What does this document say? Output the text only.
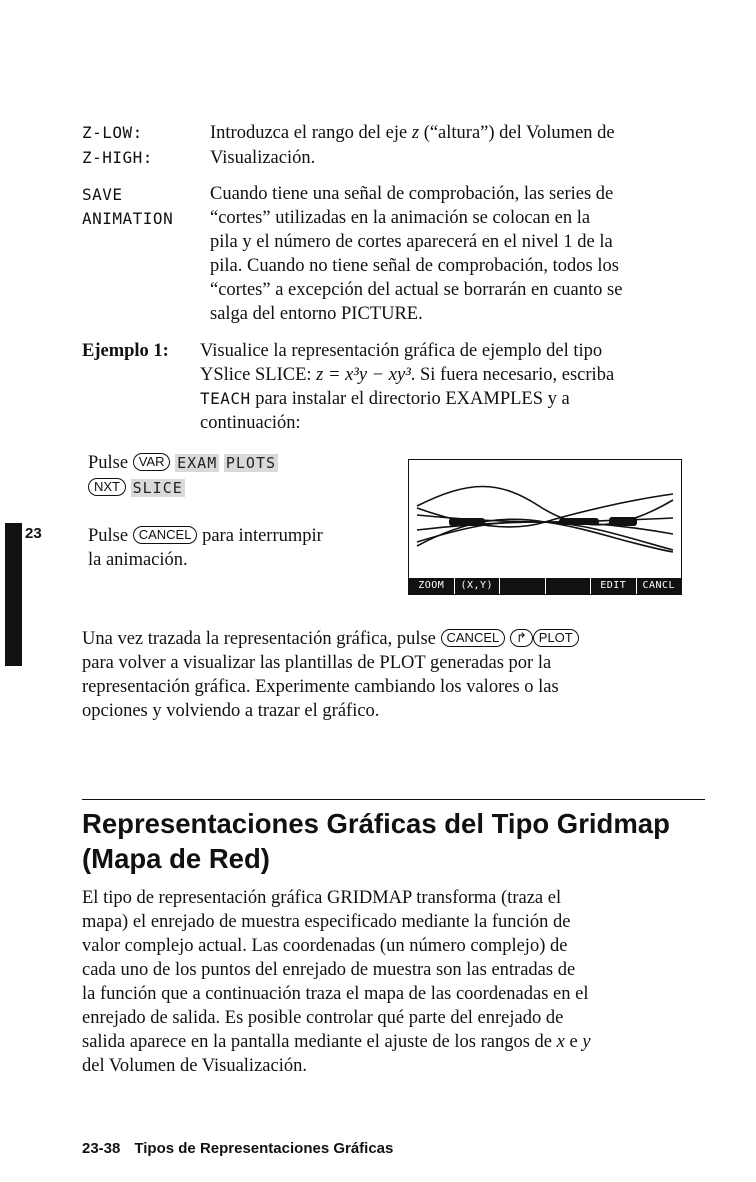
Z-LOW:
Z-HIGH:
Introduzca el rango del eje z (“altura”) del Volumen de
Visualización.
SAVE
ANIMATION
Cuando tiene una señal de comprobación, las series de
“cortes” utilizadas en la animación se colocan en la
pila y el número de cortes aparecerá en el nivel 1 de la
pila. Cuando no tiene señal de comprobación, todos los
“cortes” a excepción del actual se borrarán en cuanto se
salga del entorno PICTURE.
Ejemplo 1: Visualice la representación gráfica de ejemplo del tipo
YSlice SLICE: z = x³y − xy³. Si fuera necesario, escriba
TEACH para instalar el directorio EXAMPLES y a
continuación:
Pulse VAR EXAM PLOTS
NXT SLICE
Pulse CANCEL para interrumpir
la animación.
ZOOM	(X,Y)	EDIT	CANCL
23
Una vez trazada la representación gráfica, pulse CANCEL ↱ PLOT
para volver a visualizar las plantillas de PLOT generadas por la
representación gráfica. Experimente cambiando los valores o las
opciones y volviendo a trazar el gráfico.
Representaciones Gráficas del Tipo Gridmap
(Mapa de Red)
El tipo de representación gráfica GRIDMAP transforma (traza el
mapa) el enrejado de muestra especificado mediante la función de
valor complejo actual. Las coordenadas (un número complejo) de
cada uno de los puntos del enrejado de muestra son las entradas de
la función que a continuación traza el mapa de las coordenadas en el
enrejado de salida. Es posible controlar qué parte del enrejado de
salida aparece en la pantalla mediante el ajuste de los rangos de x e y
del Volumen de Visualización.
23-38 Tipos de Representaciones Gráficas
